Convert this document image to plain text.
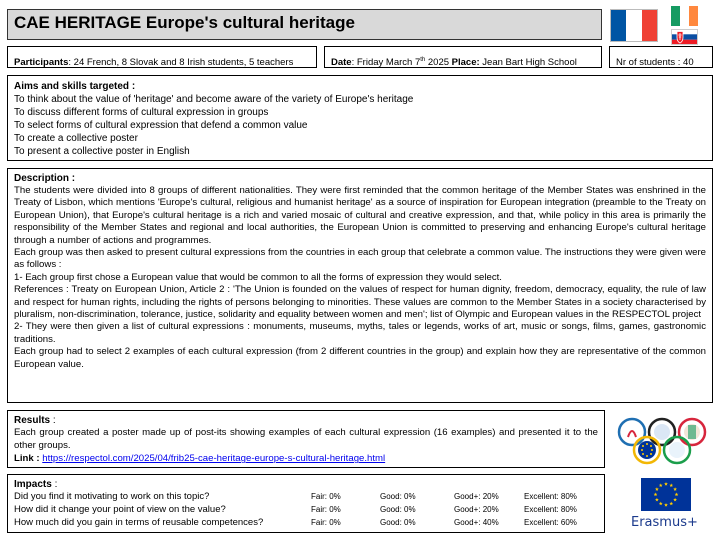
CAE HERITAGE Europe's cultural heritage
Participants: 24 French, 8 Slovak and 8 Irish students, 5 teachers	Date: Friday March 7th 2025 Place: Jean Bart High School	Nr of students : 40
Aims and skills targeted :
To think about the value of 'heritage' and become aware of the variety of Europe's heritage
To discuss different forms of cultural expression in groups
To select forms of cultural expression that defend a common value
To create a collective poster
To present a collective poster in English
Description :
The students were divided into 8 groups of different nationalities. They were first reminded that the common heritage of the Member States was enshrined in the Treaty of Lisbon, which mentions 'Europe's cultural, religious and humanist heritage' as a source of inspiration for European integration (preamble to the Treaty on European Union), that Europe's cultural heritage is a rich and varied mosaic of cultural and creative expression, and that, while policy in this area is primarily the responsibility of the Member States and regional and local authorities, the European Union is committed to preserving and enhancing Europe's cultural heritage through a number of actions and programmes.
Each group was then asked to present cultural expressions from the countries in each group that celebrate a common value. The instructions they were given were as follows :
1- Each group first chose a European value that would be common to all the forms of expression they would select.
References : Treaty on European Union, Article 2 : 'The Union is founded on the values of respect for human dignity, freedom, democracy, equality, the rule of law and respect for human rights, including the rights of persons belonging to minorities. These values are common to the Member States in a society characterised by pluralism, non-discrimination, tolerance, justice, solidarity and equality between women and men'; list of Olympic and European values in the RESPECTOL project
2- They were then given a list of cultural expressions : monuments, museums, myths, tales or legends, works of art, music or songs, films, games, gastronomic traditions.
Each group had to select 2 examples of each cultural expression (from 2 different countries in the group) and explain how they are representative of the common European value.
Results :
Each group created a poster made up of post-its showing examples of each cultural expression (16 examples) and presented it to the other groups.
Link : https://respectol.com/2025/04/frib25-cae-heritage-europe-s-cultural-heritage.html
Impacts :
Did you find it motivating to work on this topic?	Fair: 0%	Good: 0%	Good+: 20%	Excellent: 80%
How did it change your point of view on the value?	Fair: 0%	Good: 0%	Good+: 20%	Excellent: 80%
How much did you gain in terms of reusable competences?	Fair: 0%	Good: 0%	Good+: 40%	Excellent: 60%	Erasmus+
